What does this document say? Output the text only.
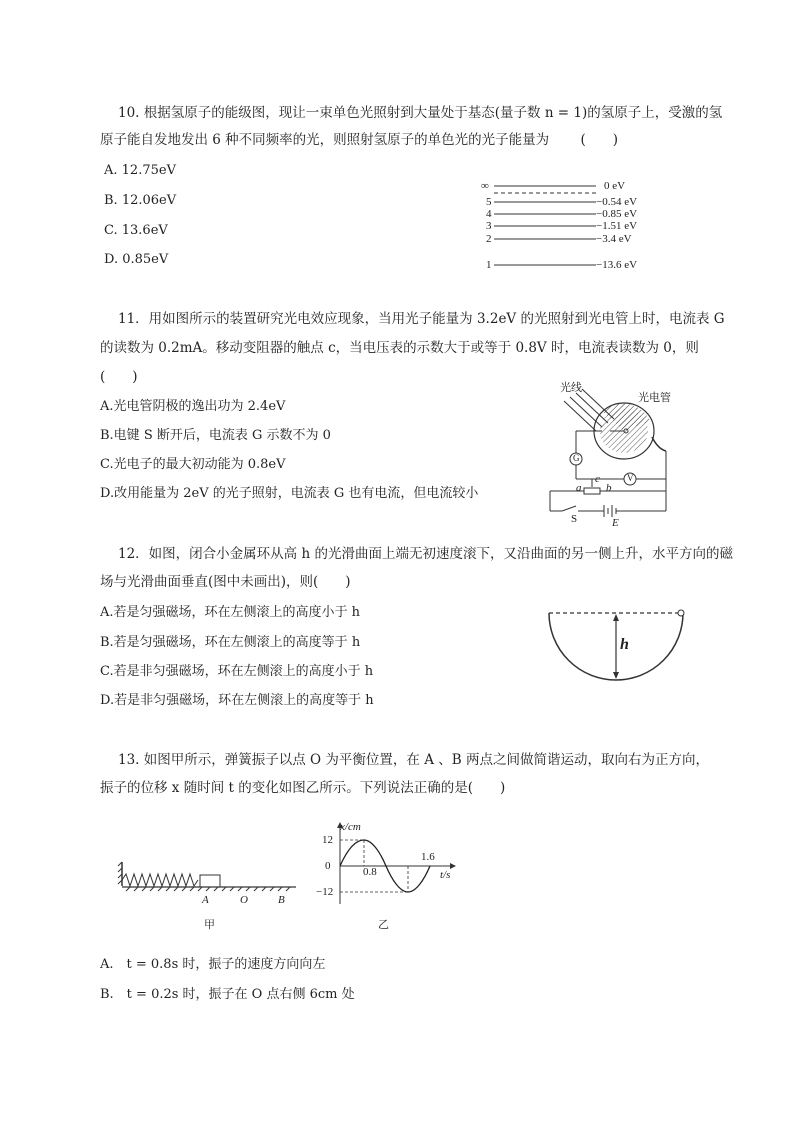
10. 根据氢原子的能级图，现让一束单色光照射到大量处于基态(量子数 n = 1)的氢原子上，受激的氢
原子能自发地发出 6 种不同频率的光，则照射氢原子的单色光的光子能量为 　　(　　)
A. 12.75eV
B. 12.06eV
C. 13.6eV
D. 0.85eV
∞
5
4
3
2
1
0 eV
−0.54 eV
−0.85 eV
−1.51 eV
−3.4 eV
−13.6 eV
11．用如图所示的装置研究光电效应现象，当用光子能量为 3.2eV 的光照射到光电管上时，电流表 G
的读数为 0.2mA。移动变阻器的触点 c，当电压表的示数大于或等于 0.8V 时，电流表读数为 0，则
(　　)
A.光电管阴极的逸出功为 2.4eV
B.电键 S 断开后，电流表 G 示数不为 0
C.光电子的最大初动能为 0.8eV
D.改用能量为 2eV 的光子照射，电流表 G 也有电流，但电流较小
光线
光电管
G
V
a b
c
S	E
12．如图，闭合小金属环从高 h 的光滑曲面上端无初速度滚下，又沿曲面的另一侧上升，水平方向的磁
场与光滑曲面垂直(图中未画出)，则(　　)
A.若是匀强磁场，环在左侧滚上的高度小于 h
B.若是匀强磁场，环在左侧滚上的高度等于 h
C.若是非匀强磁场，环在左侧滚上的高度小于 h
D.若是非匀强磁场，环在左侧滚上的高度等于 h
h
13. 如图甲所示，弹簧振子以点 O 为平衡位置，在 A 、B 两点之间做简谐运动，取向右为正方向，
振子的位移 x 随时间 t 的变化如图乙所示。下列说法正确的是(　　)
A	O	B
甲
x/cm
12
0
−12
0.8
1.6
t/s
乙
A.　t = 0.8s 时，振子的速度方向向左
B.　t = 0.2s 时，振子在 O 点右侧 6cm 处
